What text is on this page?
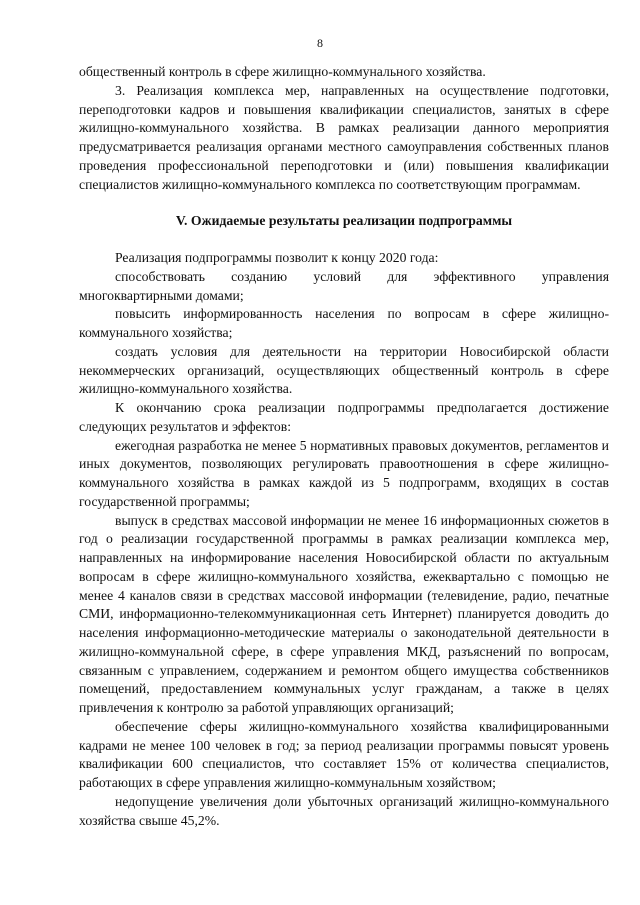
8

общественный контроль в сфере жилищно-коммунального хозяйства.

3. Реализация комплекса мер, направленных на осуществление подготовки, переподготовки кадров и повышения квалификации специалистов, занятых в сфере жилищно-коммунального хозяйства. В рамках реализации данного мероприятия предусматривается реализация органами местного самоуправления собственных планов проведения профессиональной переподготовки и (или) повышения квалификации специалистов жилищно-коммунального комплекса по соответствующим программам.

V. Ожидаемые результаты реализации подпрограммы

Реализация подпрограммы позволит к концу 2020 года:

способствовать созданию условий для эффективного управления многоквартирными домами;

повысить информированность населения по вопросам в сфере жилищно-коммунального хозяйства;

создать условия для деятельности на территории Новосибирской области некоммерческих организаций, осуществляющих общественный контроль в сфере жилищно-коммунального хозяйства.

К окончанию срока реализации подпрограммы предполагается достижение следующих результатов и эффектов:

ежегодная разработка не менее 5 нормативных правовых документов, регламентов и иных документов, позволяющих регулировать правоотношения в сфере жилищно-коммунального хозяйства в рамках каждой из 5 подпрограмм, входящих в состав государственной программы;

выпуск в средствах массовой информации не менее 16 информационных сюжетов в год о реализации государственной программы в рамках реализации комплекса мер, направленных на информирование населения Новосибирской области по актуальным вопросам в сфере жилищно-коммунального хозяйства, ежеквартально с помощью не менее 4 каналов связи в средствах массовой информации (телевидение, радио, печатные СМИ, информационно-телекоммуникационная сеть Интернет) планируется доводить до населения информационно-методические материалы о законодательной деятельности в жилищно-коммунальной сфере, в сфере управления МКД, разъяснений по вопросам, связанным с управлением, содержанием и ремонтом общего имущества собственников помещений, предоставлением коммунальных услуг гражданам, а также в целях привлечения к контролю за работой управляющих организаций;

обеспечение сферы жилищно-коммунального хозяйства квалифицированными кадрами не менее 100 человек в год; за период реализации программы повысят уровень квалификации 600 специалистов, что составляет 15% от количества специалистов, работающих в сфере управления жилищно-коммунальным хозяйством;

недопущение увеличения доли убыточных организаций жилищно-коммунального хозяйства свыше 45,2%.
